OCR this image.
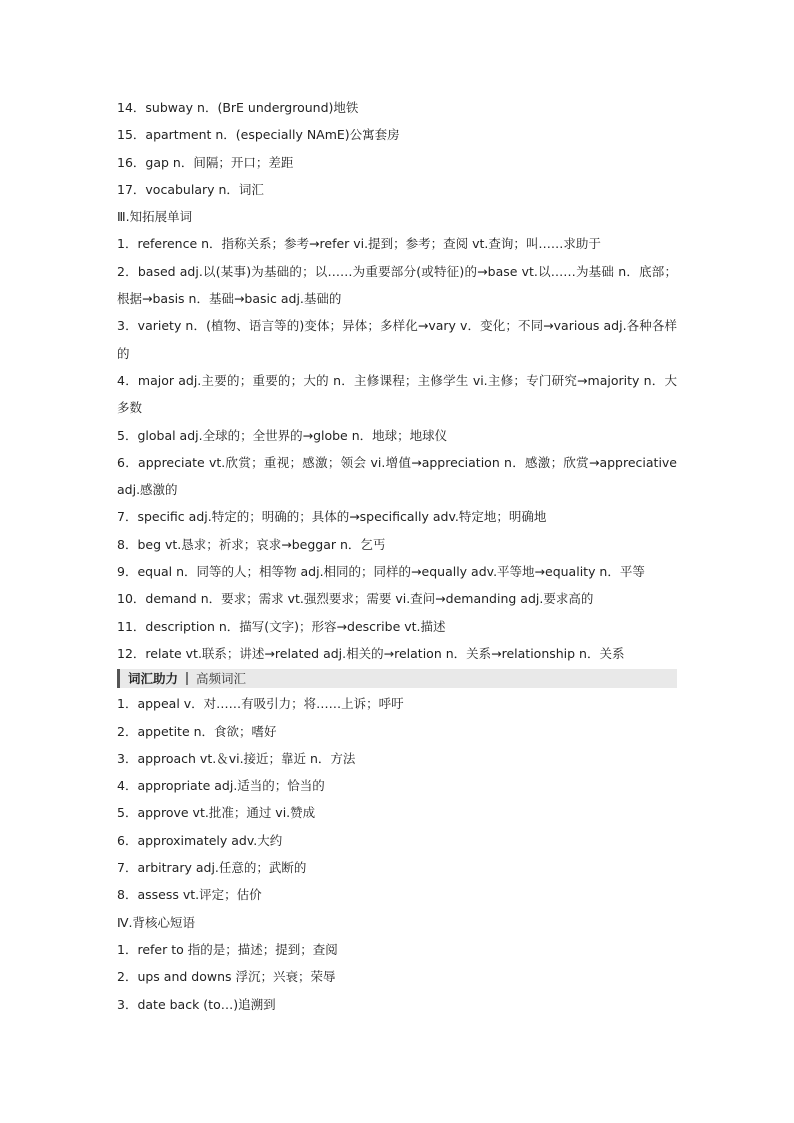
14．subway n．(BrE underground)地铁
15．apartment n．(especially NAmE)公寓套房
16．gap n．间隔；开口；差距
17．vocabulary n．词汇
Ⅲ.知拓展单词
1．reference n．指称关系；参考→refer vi.提到；参考；查阅 vt.查询；叫……求助于
2．based adj.以(某事)为基础的；以……为重要部分(或特征)的→base vt.以……为基础 n．底部；根据→basis n．基础→basic adj.基础的
3．variety n．(植物、语言等的)变体；异体；多样化→vary v．变化；不同→various adj.各种各样的
4．major adj.主要的；重要的；大的 n．主修课程；主修学生 vi.主修；专门研究→majority n．大多数
5．global adj.全球的；全世界的→globe n．地球；地球仪
6．appreciate vt.欣赏；重视；感激；领会 vi.增值→appreciation n．感激；欣赏→appreciative adj.感激的
7．specific adj.特定的；明确的；具体的→specifically adv.特定地；明确地
8．beg vt.恳求；祈求；哀求→beggar n．乞丐
9．equal n．同等的人；相等物 adj.相同的；同样的→equally adv.平等地→equality n．平等
10．demand n．要求；需求 vt.强烈要求；需要 vi.查问→demanding adj.要求高的
11．description n．描写(文字)；形容→describe vt.描述
12．relate vt.联系；讲述→related adj.相关的→relation n．关系→relationship n．关系
词汇助力 高频词汇
1．appeal v．对……有吸引力；将……上诉；呼吁
2．appetite n．食欲；嗜好
3．approach vt.＆vi.接近；靠近 n．方法
4．appropriate adj.适当的；恰当的
5．approve vt.批准；通过 vi.赞成
6．approximately adv.大约
7．arbitrary adj.任意的；武断的
8．assess vt.评定；估价
Ⅳ.背核心短语
1．refer to 指的是；描述；提到；查阅
2．ups and downs 浮沉；兴衰；荣辱
3．date back (to…)追溯到
